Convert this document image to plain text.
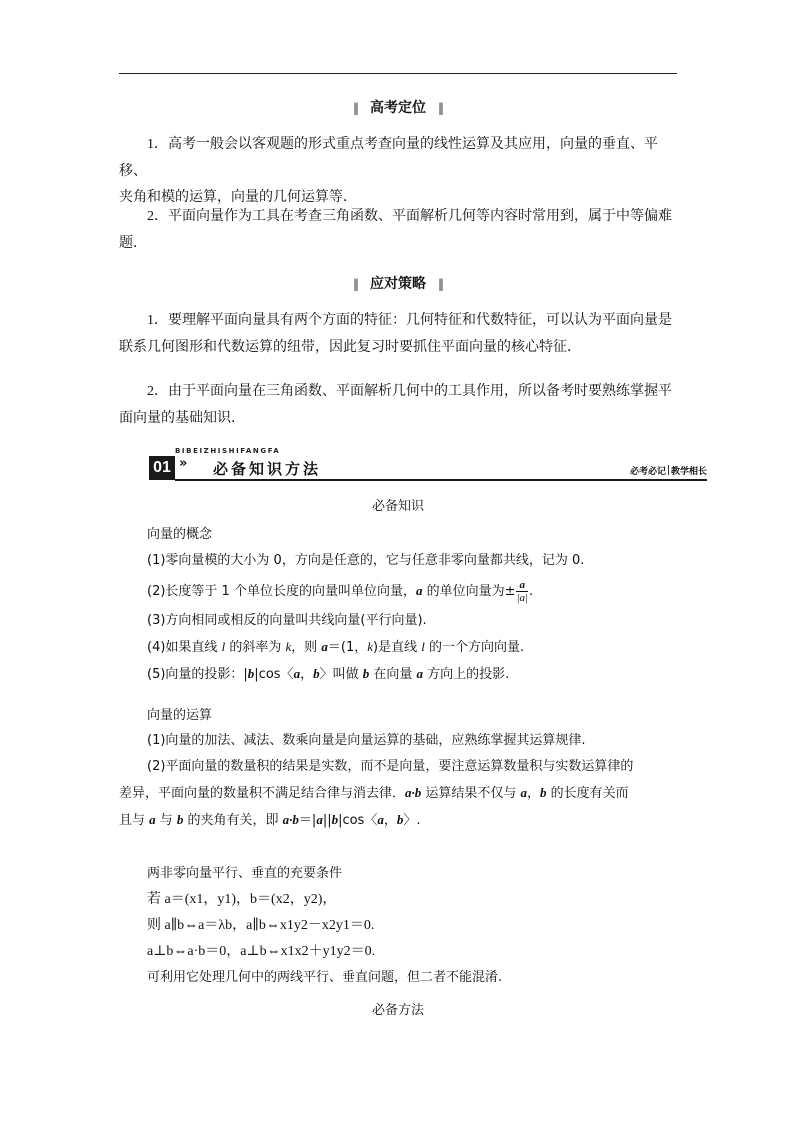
‖ 高考定位 ‖
1．高考一般会以客观题的形式重点考查向量的线性运算及其应用，向量的垂直、平移、
夹角和模的运算，向量的几何运算等．
2．平面向量作为工具在考查三角函数、平面解析几何等内容时常用到，属于中等偏难
题．
‖ 应对策略 ‖
1．要理解平面向量具有两个方面的特征：几何特征和代数特征，可以认为平面向量是
联系几何图形和代数运算的纽带，因此复习时要抓住平面向量的核心特征．
2．由于平面向量在三角函数、平面解析几何中的工具作用，所以备考时要熟练掌握平
面向量的基础知识.
BIBEIZHISHIFANGFA
01 » 必备知识方法	必考必记 教学相长
必备知识
向量的概念
(1)零向量模的大小为 0，方向是任意的，它与任意非零向量都共线，记为 0.
(2)长度等于 1 个单位长度的向量叫单位向量，a 的单位向量为± $\frac{a}{|a|}$ .
(3)方向相同或相反的向量叫共线向量(平行向量).
(4)如果直线 l 的斜率为 k，则 a＝(1，k)是直线 l 的一个方向向量.
(5)向量的投影：|b|cos〈a，b〉叫做 b 在向量 a 方向上的投影.
向量的运算
(1)向量的加法、减法、数乘向量是向量运算的基础，应熟练掌握其运算规律.
(2)平面向量的数量积的结果是实数，而不是向量，要注意运算数量积与实数运算律的
差异，平面向量的数量积不满足结合律与消去律．a·b 运算结果不仅与 a，b 的长度有关而
且与 a 与 b 的夹角有关，即 a·b＝|a||b|cos〈a，b〉.
两非零向量平行、垂直的充要条件
若 a＝(x1，y1)，b＝(x2，y2)，
则 a∥b⇔a＝λb，a∥b⇔x1y2－x2y1＝0.
a⊥b⇔a·b＝0，a⊥b⇔x1x2＋y1y2＝0.
可利用它处理几何中的两线平行、垂直问题，但二者不能混淆.
必备方法
